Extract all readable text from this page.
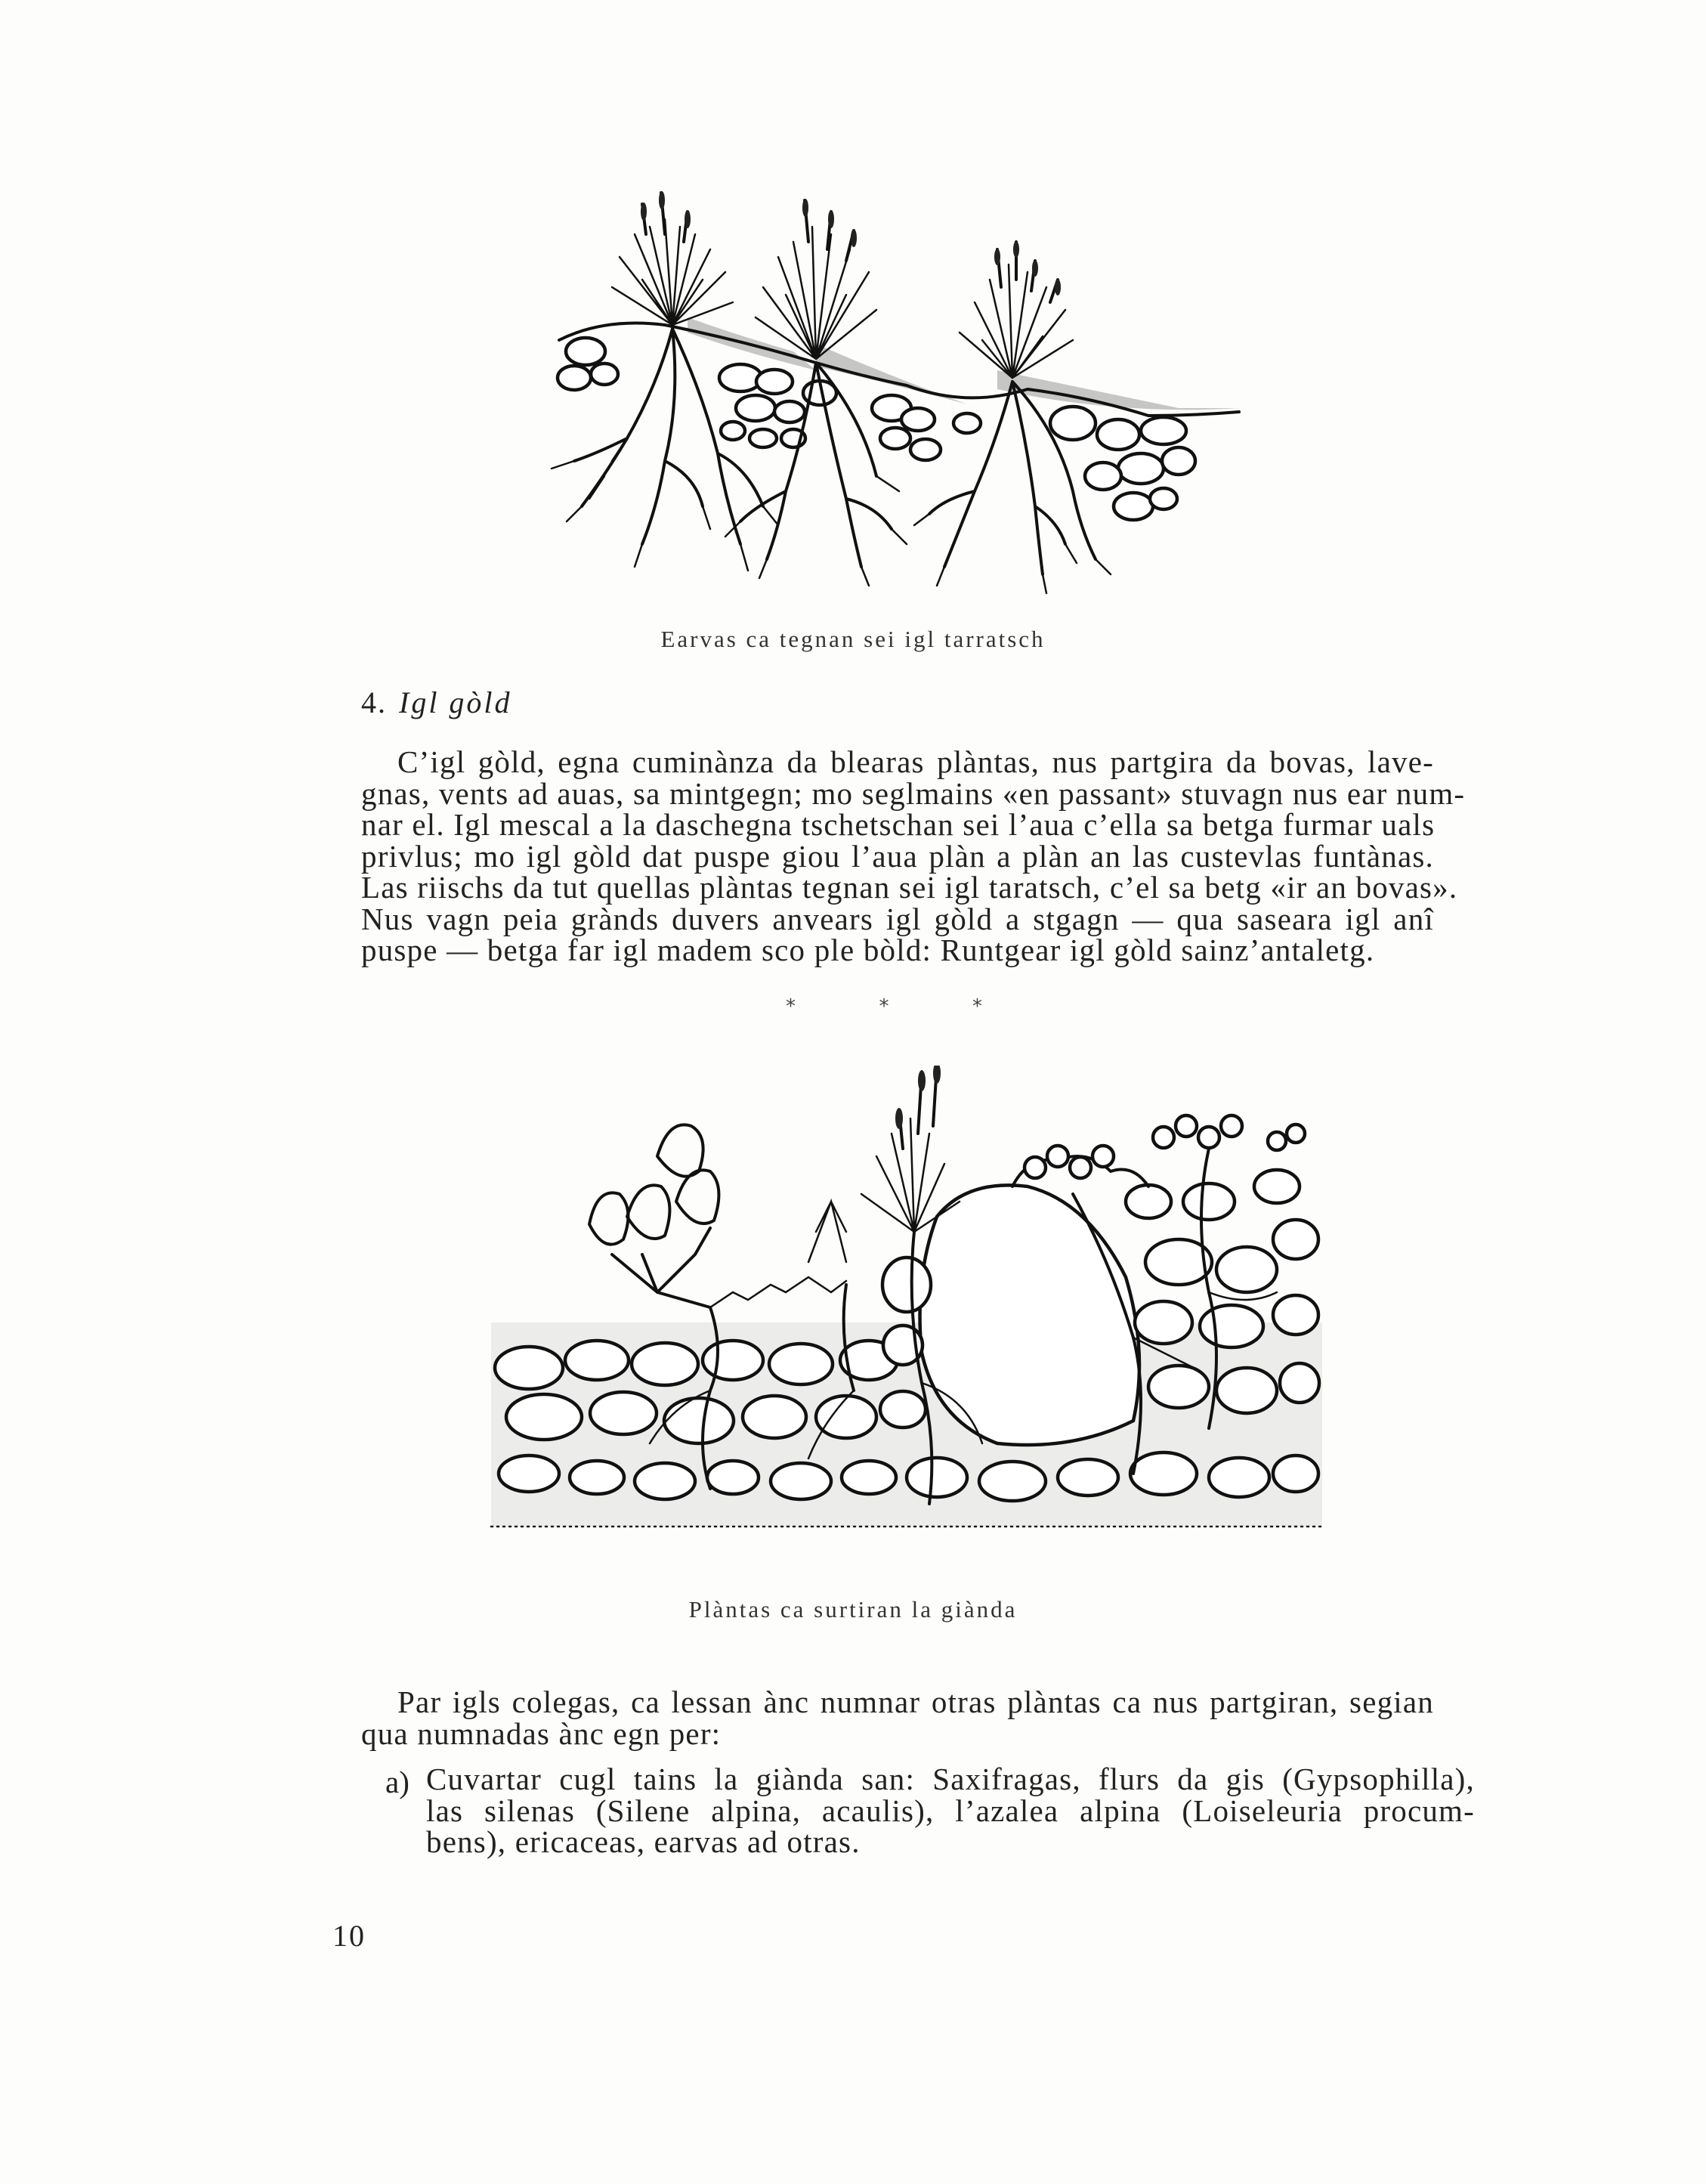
Earvas ca tegnan sei igl tarratsch
4. Igl gòld
C’igl gòld, egna cuminànza da blearas plàntas, nus partgira da bovas, lave-
gnas, vents ad auas, sa mintgegn; mo seglmains «en passant» stuvagn nus ear num-
nar el. Igl mescal a la daschegna tschetschan sei l’aua c’ella sa betga furmar uals
privlus; mo igl gòld dat puspe giou l’aua plàn a plàn an las custevlas funtànas.
Las riischs da tut quellas plàntas tegnan sei igl taratsch, c’el sa betg «ir an bovas».
Nus vagn peia grànds duvers anvears igl gòld a stgagn — qua saseara igl anî
puspe — betga far igl madem sco ple bòld: Runtgear igl gòld sainz’antaletg.
*	*	*
Plàntas ca surtiran la giànda
Par igls colegas, ca lessan ànc numnar otras plàntas ca nus partgiran, segian
qua numnadas ànc egn per:
a) Cuvartar cugl tains la giànda san: Saxifragas, flurs da gis (Gypsophilla),
las silenas (Silene alpina, acaulis), l’azalea alpina (Loiseleuria procum-
bens), ericaceas, earvas ad otras.
10
